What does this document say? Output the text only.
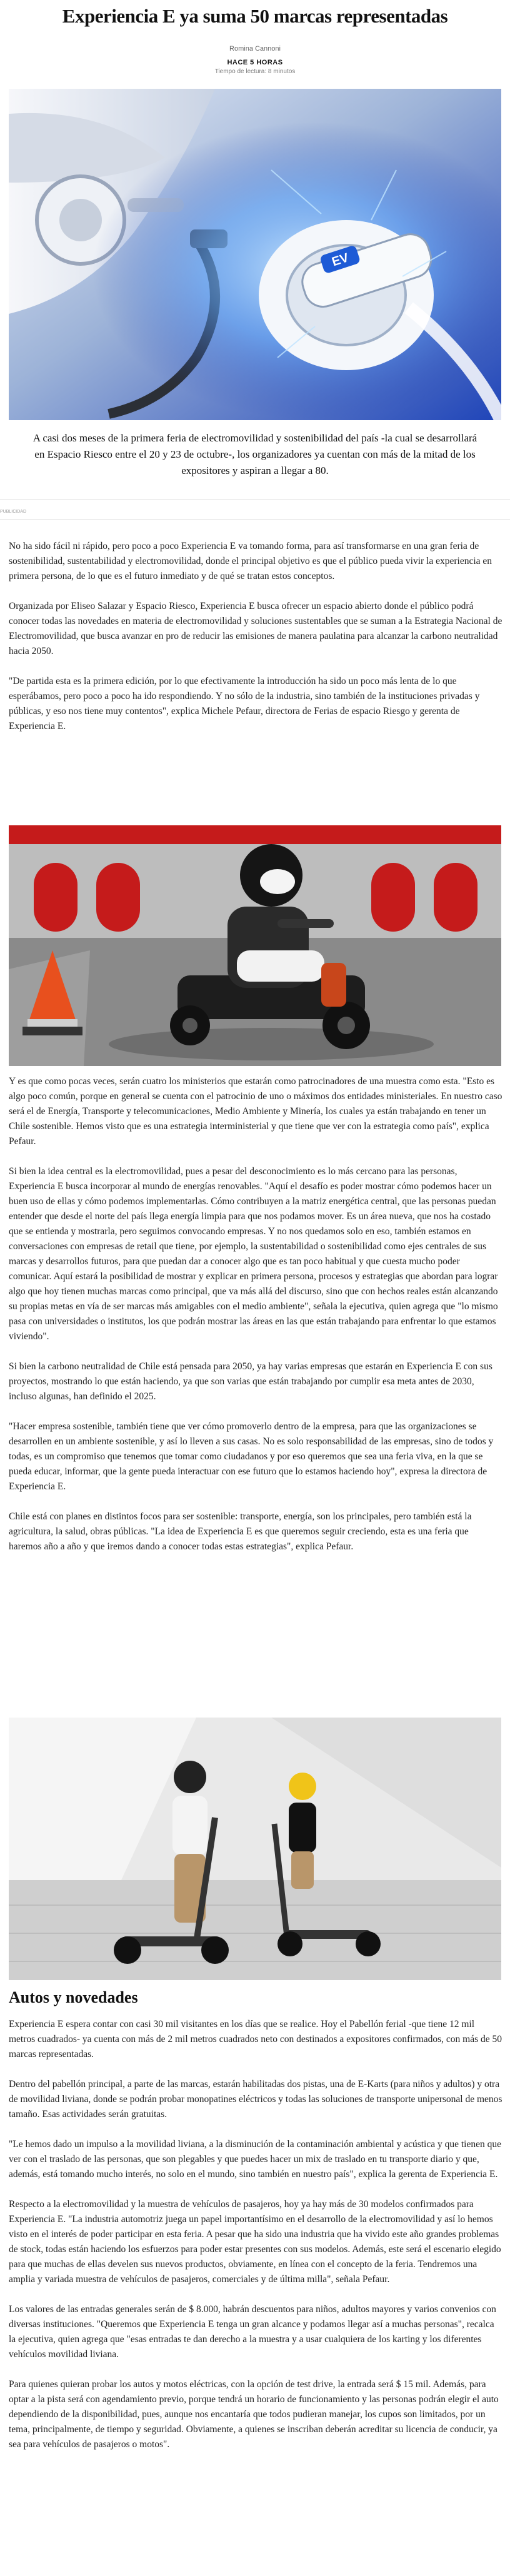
Experiencia E ya suma 50 marcas representadas
Romina Cannoni
HACE 5 HORAS
Tiempo de lectura: 8 minutos
EV

A casi dos meses de la primera feria de electromovilidad y sostenibilidad del país -la cual se desarrollará en Espacio Riesco entre el 20 y 23 de octubre-, los organizadores ya cuentan con más de la mitad de los expositores y aspiran a llegar a 80.

PUBLICIDAD

No ha sido fácil ni rápido, pero poco a poco Experiencia E va tomando forma, para así transformarse en una gran feria de sostenibilidad, sustentabilidad y electromovilidad, donde el principal objetivo es que el público pueda vivir la experiencia en primera persona, de lo que es el futuro inmediato y de qué se tratan estos conceptos.

Organizada por Eliseo Salazar y Espacio Riesco, Experiencia E busca ofrecer un espacio abierto donde el público podrá conocer todas las novedades en materia de electromovilidad y soluciones sustentables que se suman a la Estrategia Nacional de Electromovilidad, que busca avanzar en pro de reducir las emisiones de manera paulatina para alcanzar la carbono neutralidad hacia 2050.

"De partida esta es la primera edición, por lo que efectivamente la introducción ha sido un poco más lenta de lo que esperábamos, pero poco a poco ha ido respondiendo. Y no sólo de la industria, sino también de la instituciones privadas y públicas, y eso nos tiene muy contentos", explica Michele Pefaur, directora de Ferias de espacio Riesgo y gerenta de Experiencia E.

Y es que como pocas veces, serán cuatro los ministerios que estarán como patrocinadores de una muestra como esta. "Esto es algo poco común, porque en general se cuenta con el patrocinio de uno o máximos dos entidades ministeriales. En nuestro caso será el de Energía, Transporte y telecomunicaciones, Medio Ambiente y Minería, los cuales ya están trabajando en tener un Chile sostenible. Hemos visto que es una estrategia interministerial y que tiene que ver con la estrategia como país", explica Pefaur.

Si bien la idea central es la electromovilidad, pues a pesar del desconocimiento es lo más cercano para las personas, Experiencia E busca incorporar al mundo de energías renovables. "Aquí el desafío es poder mostrar cómo podemos hacer un buen uso de ellas y cómo podemos implementarlas. Cómo contribuyen a la matriz energética central, que las personas puedan entender que desde el norte del país llega energía limpia para que nos podamos mover. Es un área nueva, que nos ha costado que se entienda y mostrarla, pero seguimos convocando empresas. Y no nos quedamos solo en eso, también estamos en conversaciones con empresas de retail que tiene, por ejemplo, la sustentabilidad o sostenibilidad como ejes centrales de sus marcas y desarrollos futuros, para que puedan dar a conocer algo que es tan poco habitual y que cuesta mucho poder comunicar. Aquí estará la posibilidad de mostrar y explicar en primera persona, procesos y estrategias que abordan para lograr algo que hoy tienen muchas marcas como principal, que va más allá del discurso, sino que con hechos reales están alcanzando su propias metas en vía de ser marcas más amigables con el medio ambiente", señala la ejecutiva, quien agrega que "lo mismo pasa con universidades o institutos, los que podrán mostrar las áreas en las que están trabajando para enfrentar lo que estamos viviendo".

Si bien la carbono neutralidad de Chile está pensada para 2050, ya hay varias empresas que estarán en Experiencia E con sus proyectos, mostrando lo que están haciendo, ya que son varias que están trabajando por cumplir esa meta antes de 2030, incluso algunas, han definido el 2025.

"Hacer empresa sostenible, también tiene que ver cómo promoverlo dentro de la empresa, para que las organizaciones se desarrollen en un ambiente sostenible, y así lo lleven a sus casas. No es solo responsabilidad de las empresas, sino de todos y todas, es un compromiso que tenemos que tomar como ciudadanos y por eso queremos que sea una feria viva, en la que se pueda educar, informar, que la gente pueda interactuar con ese futuro que lo estamos haciendo hoy", expresa la directora de Experiencia E.

Chile está con planes en distintos focos para ser sostenible: transporte, energía, son los principales, pero también está la agricultura, la salud, obras públicas. "La idea de Experiencia E es que queremos seguir creciendo, esta es una feria que haremos año a año y que iremos dando a conocer todas estas estrategias", explica Pefaur.

Autos y novedades

Experiencia E espera contar con casi 30 mil visitantes en los días que se realice. Hoy el Pabellón ferial -que tiene 12 mil metros cuadrados- ya cuenta con más de 2 mil metros cuadrados neto con destinados a expositores confirmados, con más de 50 marcas representadas.

Dentro del pabellón principal, a parte de las marcas, estarán habilitadas dos pistas, una de E-Karts (para niños y adultos) y otra de movilidad liviana, donde se podrán probar monopatines eléctricos y todas las soluciones de transporte unipersonal de menos tamaño. Esas actividades serán gratuitas.

"Le hemos dado un impulso a la movilidad liviana, a la disminución de la contaminación ambiental y acústica y que tienen que ver con el traslado de las personas, que son plegables y que puedes hacer un mix de traslado en tu transporte diario y que, además, está tomando mucho interés, no solo en el mundo, sino también en nuestro país", explica la gerenta de Experiencia E.

Respecto a la electromovilidad y la muestra de vehículos de pasajeros, hoy ya hay más de 30 modelos confirmados para Experiencia E. "La industria automotriz juega un papel importantísimo en el desarrollo de la electromovilidad y así lo hemos visto en el interés de poder participar en esta feria. A pesar que ha sido una industria que ha vivido este año grandes problemas de stock, todas están haciendo los esfuerzos para poder estar presentes con sus modelos. Además, este será el escenario elegido para que muchas de ellas develen sus nuevos productos, obviamente, en línea con el concepto de la feria. Tendremos una amplia y variada muestra de vehículos de pasajeros, comerciales y de última milla", señala Pefaur.

Los valores de las entradas generales serán de $ 8.000, habrán descuentos para niños, adultos mayores y varios convenios con diversas instituciones. "Queremos que Experiencia E tenga un gran alcance y podamos llegar así a muchas personas", recalca la ejecutiva, quien agrega que "esas entradas te dan derecho a la muestra y a usar cualquiera de los karting y los diferentes vehículos movilidad liviana.

Para quienes quieran probar los autos y motos eléctricas, con la opción de test drive, la entrada será $ 15 mil. Además, para optar a la pista será con agendamiento previo, porque tendrá un horario de funcionamiento y las personas podrán elegir el auto dependiendo de la disponibilidad, pues, aunque nos encantaría que todos pudieran manejar, los cupos son limitados, por un tema, principalmente, de tiempo y seguridad. Obviamente, a quienes se inscriban deberán acreditar su licencia de conducir, ya sea para vehículos de pasajeros o motos".
